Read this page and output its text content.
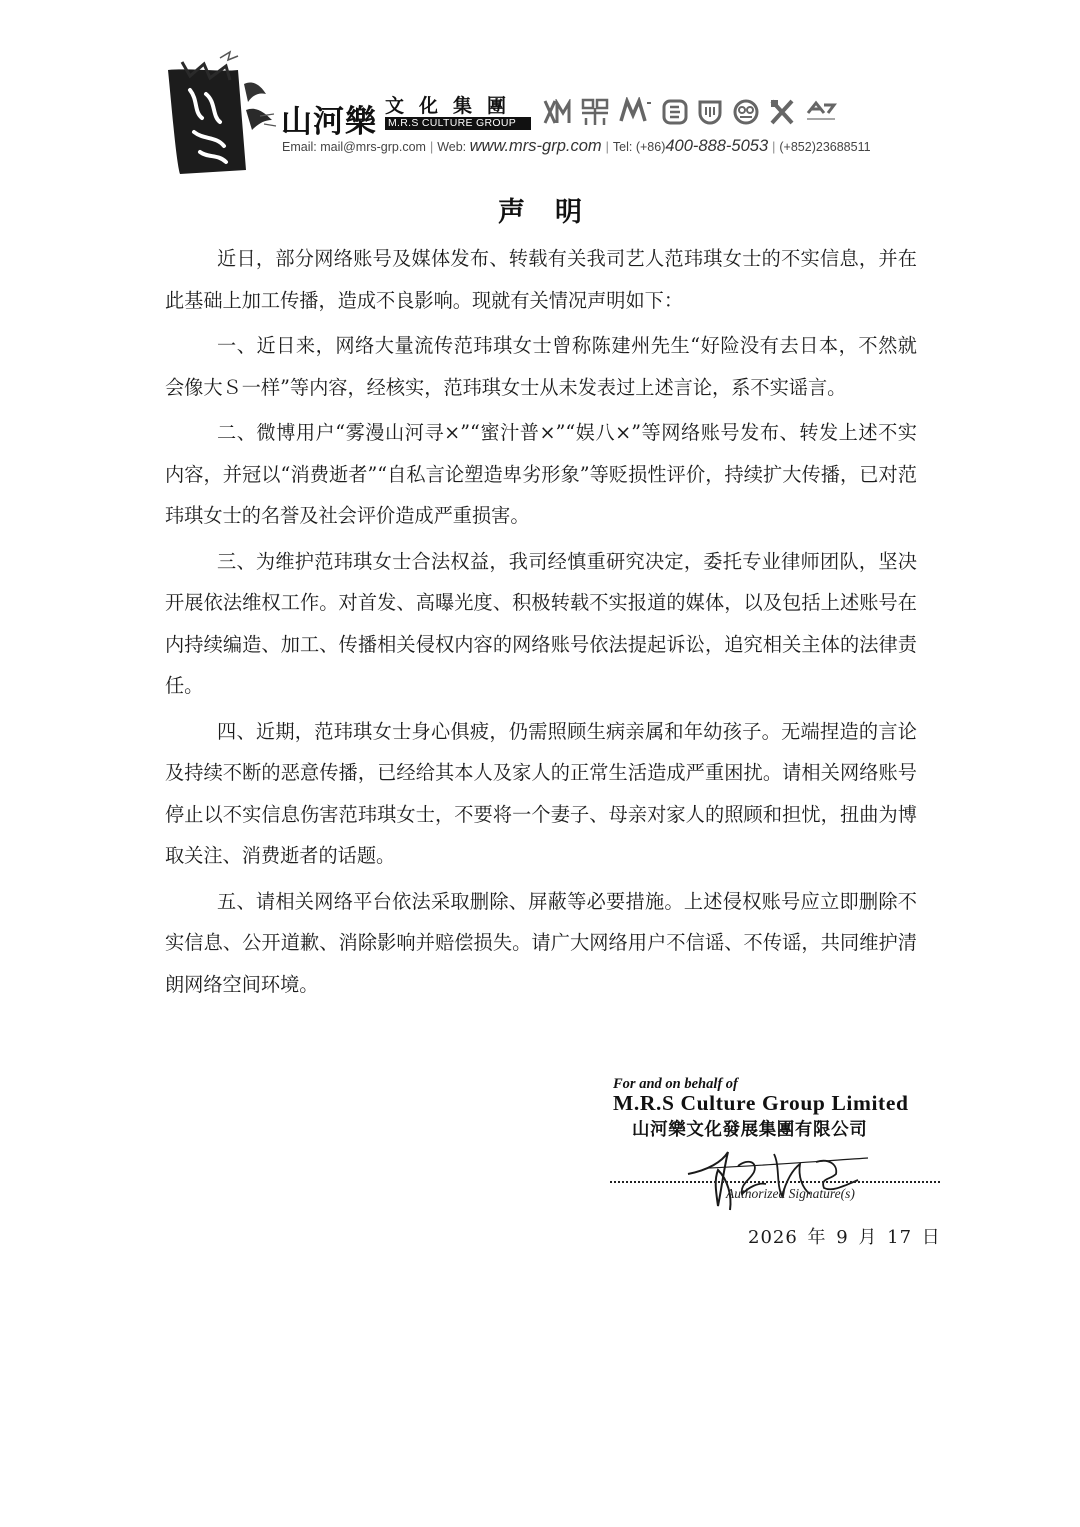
山河樂 文化集團
M.R.S CULTURE GROUP
Email: mail@mrs-grp.com | Web: www.mrs-grp.com | Tel: (+86)400-888-5053 | (+852)23688511
声明

近日，部分网络账号及媒体发布、转载有关我司艺人范玮琪女士的不实信息，并在此基础上加工传播，造成不良影响。现就有关情况声明如下：

一、近日来，网络大量流传范玮琪女士曾称陈建州先生“好险没有去日本，不然就会像大Ｓ一样”等内容，经核实，范玮琪女士从未发表过上述言论，系不实谣言。

二、微博用户“雾漫山河寻×”“蜜汁普×”“娱八×”等网络账号发布、转发上述不实内容，并冠以“消费逝者”“自私言论塑造卑劣形象”等贬损性评价，持续扩大传播，已对范玮琪女士的名誉及社会评价造成严重损害。

三、为维护范玮琪女士合法权益，我司经慎重研究决定，委托专业律师团队，坚决开展依法维权工作。对首发、高曝光度、积极转载不实报道的媒体，以及包括上述账号在内持续编造、加工、传播相关侵权内容的网络账号依法提起诉讼，追究相关主体的法律责任。

四、近期，范玮琪女士身心俱疲，仍需照顾生病亲属和年幼孩子。无端捏造的言论及持续不断的恶意传播，已经给其本人及家人的正常生活造成严重困扰。请相关网络账号停止以不实信息伤害范玮琪女士，不要将一个妻子、母亲对家人的照顾和担忧，扭曲为博取关注、消费逝者的话题。

五、请相关网络平台依法采取删除、屏蔽等必要措施。上述侵权账号应立即删除不实信息、公开道歉、消除影响并赔偿损失。请广大网络用户不信谣、不传谣，共同维护清朗网络空间环境。

For and on behalf of
M.R.S Culture Group Limited
山河樂文化發展集團有限公司
Authorized Signature(s)
2026 年 9 月 17 日
